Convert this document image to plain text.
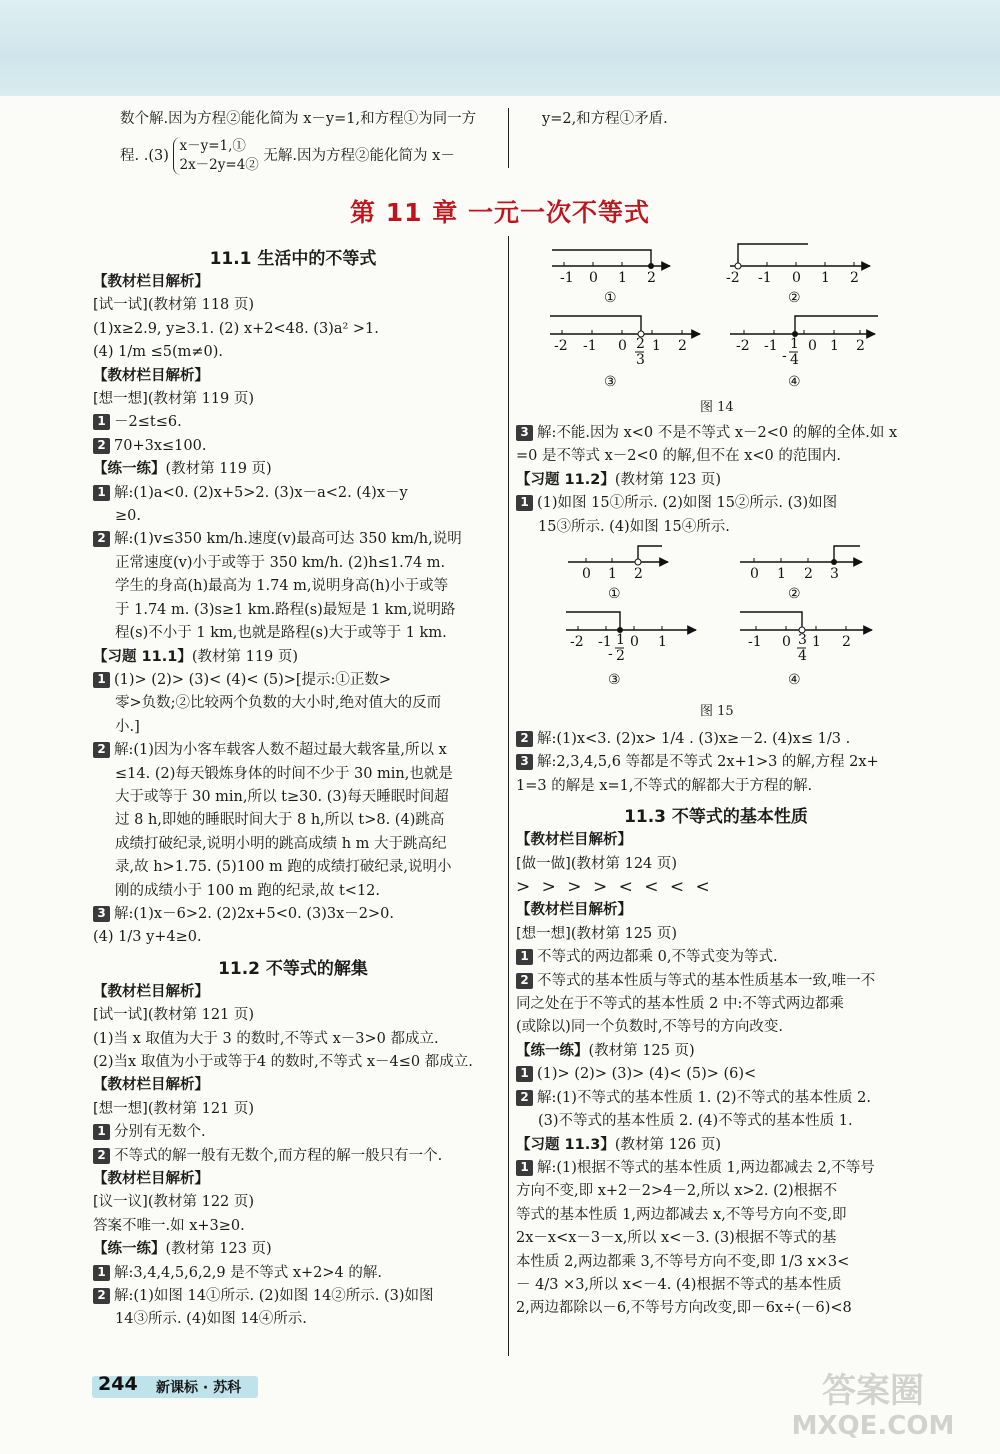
数个解.因为方程②能化简为 x－y=1,和方程①为同一方

程. .(3) x－y=1,①
2x－2y=4② 无解.因为方程②能化简为 x－

y=2,和方程①矛盾.
第 11 章 一元一次不等式
11.1 生活中的不等式

【教材栏目解析】

[试一试](教材第 118 页)

(1)x≥2.9, y≥3.1. (2) x+2<48. (3)a² >1.

(4) 1/m ≤5(m≠0).

【教材栏目解析】

[想一想](教材第 119 页)

1 －2≤t≤6.

2 70+3x≤100.

【练一练】(教材第 119 页)

1 解:(1)a<0. (2)x+5>2. (3)x－a<2. (4)x－y

≥0.

2 解:(1)v≤350 km/h.速度(v)最高可达 350 km/h,说明

正常速度(v)小于或等于 350 km/h. (2)h≤1.74 m.

学生的身高(h)最高为 1.74 m,说明身高(h)小于或等

于 1.74 m. (3)s≥1 km.路程(s)最短是 1 km,说明路

程(s)不小于 1 km,也就是路程(s)大于或等于 1 km.

【习题 11.1】(教材第 119 页)

1 (1)> (2)> (3)< (4)< (5)>[提示:①正数>

零>负数;②比较两个负数的大小时,绝对值大的反而

小.]

2 解:(1)因为小客车载客人数不超过最大载客量,所以 x

≤14. (2)每天锻炼身体的时间不少于 30 min,也就是

大于或等于 30 min,所以 t≥30. (3)每天睡眠时间超

过 8 h,即她的睡眠时间大于 8 h,所以 t>8. (4)跳高

成绩打破纪录,说明小明的跳高成绩 h m 大于跳高纪

录,故 h>1.75. (5)100 m 跑的成绩打破纪录,说明小

刚的成绩小于 100 m 跑的纪录,故 t<12.

3 解:(1)x－6>2. (2)2x+5<0. (3)3x－2>0.

(4) 1/3 y+4≥0.

11.2 不等式的解集

【教材栏目解析】

[试一试](教材第 121 页)

(1)当 x 取值为大于 3 的数时,不等式 x－3>0 都成立.

(2)当x 取值为小于或等于4 的数时,不等式 x－4≤0 都成立.

【教材栏目解析】

[想一想](教材第 121 页)

1 分别有无数个.

2 不等式的解一般有无数个,而方程的解一般只有一个.

【教材栏目解析】

[议一议](教材第 122 页)

答案不唯一.如 x+3≥0.

【练一练】(教材第 123 页)

1 解:3,4,4,5,6,2,9 是不等式 x+2>4 的解.

2 解:(1)如图 14①所示. (2)如图 14②所示. (3)如图

14③所示. (4)如图 14④所示.

-1 0 1 2
①
-2 -1 0 1 2
②
-2 -1 0 1 2
2
3
③
-2 -1 0 1 2
-
1
4
④
图 14

3 解:不能.因为 x<0 不是不等式 x－2<0 的解的全体.如 x

=0 是不等式 x－2<0 的解,但不在 x<0 的范围内.

【习题 11.2】(教材第 123 页)

1 (1)如图 15①所示. (2)如图 15②所示. (3)如图

15③所示. (4)如图 15④所示.

0 1 2
①
0 1 2 3
②
-2 -1 0 1
-
1
2
③
-1 0 1 2
3
4
④
图 15

2 解:(1)x<3. (2)x> 1/4 . (3)x≥－2. (4)x≤ 1/3 .

3 解:2,3,4,5,6 等都是不等式 2x+1>3 的解,方程 2x+

1=3 的解是 x=1,不等式的解都大于方程的解.

11.3 不等式的基本性质

【教材栏目解析】

[做一做](教材第 124 页)

> > > > < < < <

【教材栏目解析】

[想一想](教材第 125 页)

1 不等式的两边都乘 0,不等式变为等式.

2 不等式的基本性质与等式的基本性质基本一致,唯一不

同之处在于不等式的基本性质 2 中:不等式两边都乘

(或除以)同一个负数时,不等号的方向改变.

【练一练】(教材第 125 页)

1 (1)> (2)> (3)> (4)< (5)> (6)<

2 解:(1)不等式的基本性质 1. (2)不等式的基本性质 2.

(3)不等式的基本性质 2. (4)不等式的基本性质 1.

【习题 11.3】(教材第 126 页)

1 解:(1)根据不等式的基本性质 1,两边都减去 2,不等号

方向不变,即 x+2－2>4－2,所以 x>2. (2)根据不

等式的基本性质 1,两边都减去 x,不等号方向不变,即

2x－x<x－3－x,所以 x<－3. (3)根据不等式的基

本性质 2,两边都乘 3,不等号方向不变,即 1/3 x×3<

－ 4/3 ×3,所以 x<－4. (4)根据不等式的基本性质

2,两边都除以－6,不等号方向改变,即－6x÷(－6)<8

244 新课标 · 苏科	答案圈 MXQE.COM
